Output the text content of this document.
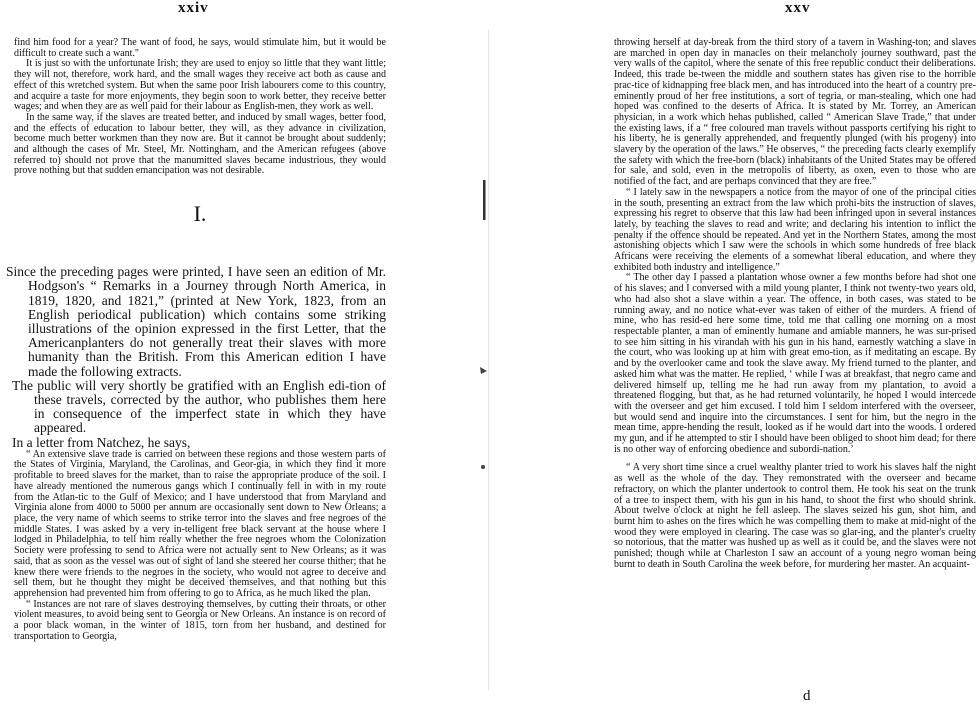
xxiv

find him food for a year? The want of food, he says, would stimulate him, but it would be difficult to create such a want."

It is just so with the unfortunate Irish; they are used to enjoy so little that they want little; they will not, therefore, work hard, and the small wages they receive act both as cause and effect of this wretched system. But when the same poor Irish labourers come to this country, and acquire a taste for more enjoyments, they begin soon to work better, they receive better wages; and when they are as well paid for their labour as English-men, they work as well.

In the same way, if the slaves are treated better, and induced by small wages, better food, and the effects of education to labour better, they will, as they advance in civilization, become much better workmen than they now are. But it cannot be brought about suddenly; and although the cases of Mr. Steel, Mr. Nottingham, and the American refugees (above referred to) should not prove that the manumitted slaves became industrious, they would prove nothing but that sudden emancipation was not desirable.

I.

Since the preceding pages were printed, I have seen an edition of Mr. Hodgson's “ Remarks in a Journey through North America, in 1819, 1820, and 1821,” (printed at New York, 1823, from an English periodical publication) which contains some striking illustrations of the opinion expressed in the first Letter, that the Americanplanters do not generally treat their slaves with more humanity than the British. From this American edition I have made the following extracts.

The public will very shortly be gratified with an English edi-tion of these travels, corrected by the author, who publishes them here in consequence of the imperfect state in which they have appeared.

In a letter from Natchez, he says,

“ An extensive slave trade is carried on between these regions and those western parts of the States of Virginia, Maryland, the Carolinas, and Geor-gia, in which they find it more profitable to breed slaves for the market, than to raise the appropriate produce of the soil. I have already mentioned the numerous gangs which I continually fell in with in my route from the Atlan-tic to the Gulf of Mexico; and I have understood that from Maryland and Virginia alone from 4000 to 5000 per annum are occasionally sent down to New Orleans; a place, the very name of which seems to strike terror into the slaves and free negroes of the middle States. I was asked by a very in-telligent free black servant at the house where I lodged in Philadelphia, to tell him really whether the free negroes whom the Colonization Society were professing to send to Africa were not actually sent to New Orleans; as it was said, that as soon as the vessel was out of sight of land she steered her course thither; that he knew there were friends to the negroes in the society, who would not agree to deceive and sell them, but he thought they might be deceived themselves, and that nothing but this apprehension had prevented him from offering to go to Africa, as he much liked the plan.

“ Instances are not rare of slaves destroying themselves, by cutting their throats, or other violent measures, to avoid being sent to Georgia or New Orleans. An instance is on record of a poor black woman, in the winter of 1815, torn from her husband, and destined for transportation to Georgia,

xxv

throwing herself at day-break from the third story of a tavern in Washing-ton; and slaves are marched in open day in manacles on their melancholy journey southward, past the very walls of the capitol, where the senate of this free republic conduct their deliberations. Indeed, this trade be-tween the middle and southern states has given rise to the horrible prac-tice of kidnapping free black men, and has introduced into the heart of a country pre-eminently proud of her free institutions, a sort of tegria, or man-stealing, which one had hoped was confined to the deserts of Africa. It is stated by Mr. Torrey, an American physician, in a work which hehas published, called “ American Slave Trade,” that under the existing laws, if a “ free coloured man travels without passports certifying his right to his liberty, he is generally apprehended, and frequently plunged (with his progeny) into slavery by the operation of the laws.” He observes, “ the preceding facts clearly exemplify the safety with which the free-born (black) inhabitants of the United States may be offered for sale, and sold, even in the metropolis of liberty, as oxen, even to those who are notified of the fact, and are perhaps convinced that they are free.”

“ I lately saw in the newspapers a notice from the mayor of one of the principal cities in the south, presenting an extract from the law which prohi-bits the instruction of slaves, expressing his regret to observe that this law had been infringed upon in several instances lately, by teaching the slaves to read and write; and declaring his intention to inflict the penalty if the offence should be repeated. And yet in the Northern States, among the most astonishing objects which I saw were the schools in which some hundreds of free black Africans were receiving the elements of a somewhat liberal education, and where they exhibited both industry and intelligence.”

“ The other day I passed a plantation whose owner a few months before had shot one of his slaves; and I conversed with a mild young planter, I think not twenty-two years old, who had also shot a slave within a year. The offence, in both cases, was stated to be running away, and no notice what-ever was taken of either of the murders. A friend of mine, who has resid-ed here some time, told me that calling one morning on a most respectable planter, a man of eminently humane and amiable manners, he was sur-prised to see him sitting in his virandah with his gun in his hand, earnestly watching a slave in the court, who was looking up at him with great emo-tion, as if meditating an escape. By and by the overlooker came and took the slave away. My friend turned to the planter, and asked him what was the matter. He replied, ‘ while I was at breakfast, that negro came and delivered himself up, telling me he had run away from my plantation, to avoid a threatened flogging, but that, as he had returned voluntarily, he hoped I would intercede with the overseer and get him excused. I told him I seldom interfered with the overseer, but would send and inquire into the circumstances. I sent for him, but the negro in the mean time, appre-hending the result, looked as if he would dart into the woods. I ordered my gun, and if he attempted to stir I should have been obliged to shoot him dead; for there is no other way of enforcing obedience and subordi-nation.’

“ A very short time since a cruel wealthy planter tried to work his slaves half the night as well as the whole of the day. They remonstrated with the overseer and became refractory, on which the planter undertook to control them. He took his seat on the trunk of a tree to inspect them, with his gun in his hand, to shoot the first who should shrink. About twelve o'clock at night he fell asleep. The slaves seized his gun, shot him, and burnt him to ashes on the fires which he was compelling them to make at mid-night of the wood they were employed in clearing. The case was so glar-ing, and the planter's cruelty so notorious, that the matter was hushed up as well as it could be, and the slaves were not punished; though while at Charleston I saw an account of a young negro woman being burnt to death in South Carolina the week before, for murdering her master. An acquaint-

d
